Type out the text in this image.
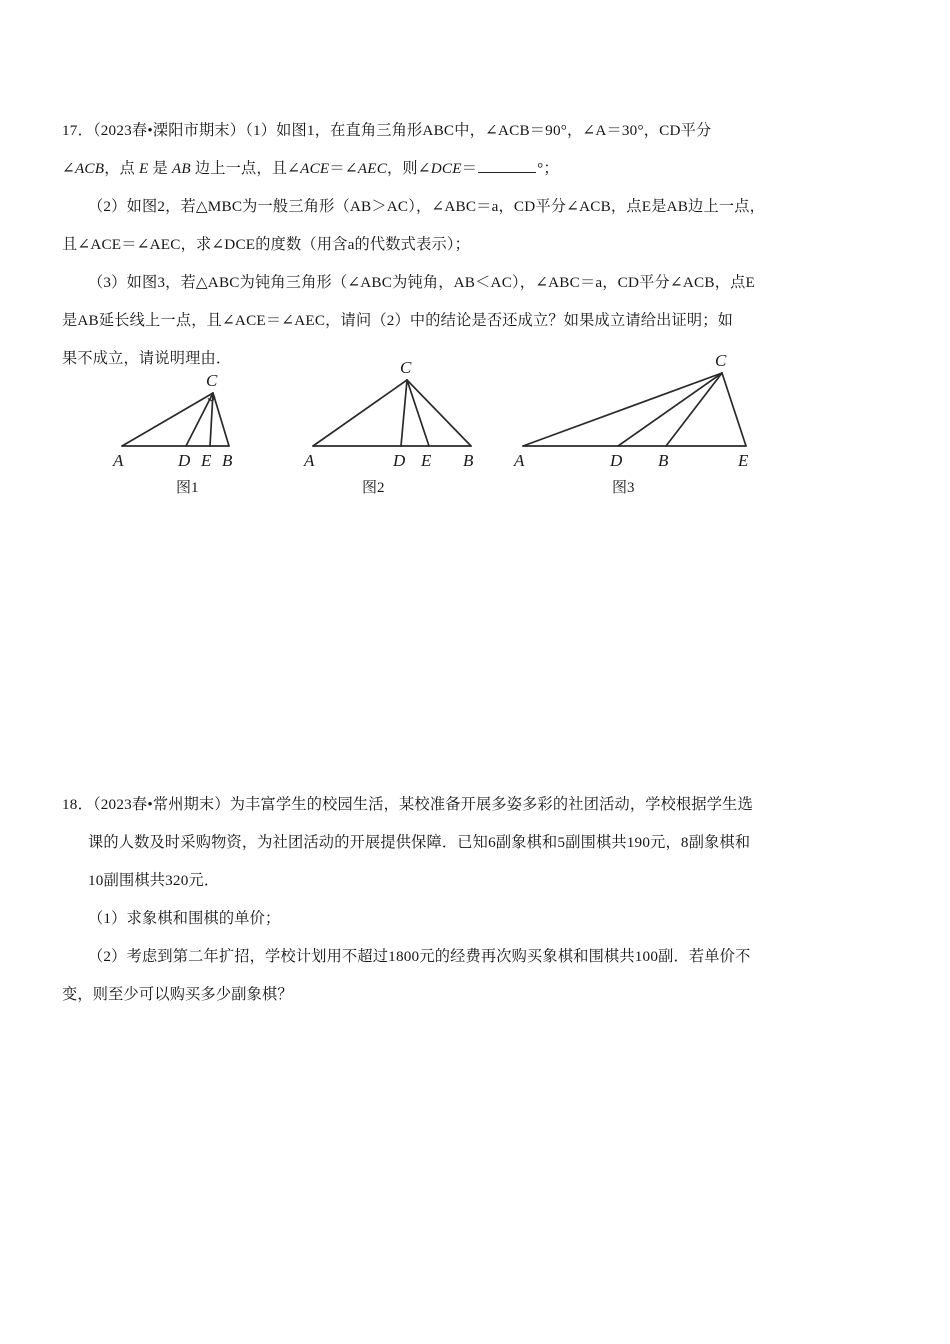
17．（2023春•溧阳市期末）（1）如图1，在直角三角形ABC中，∠ACB＝90°，∠A＝30°，CD平分
∠ACB，点 E 是 AB 边上一点，且∠ACE＝∠AEC，则∠DCE＝	°；
（2）如图2，若△MBC为一般三角形（AB＞AC），∠ABC＝a，CD平分∠ACB，点E是AB边上一点，
且∠ACE＝∠AEC，求∠DCE的度数（用含a的代数式表示）；
（3）如图3，若△ABC为钝角三角形（∠ABC为钝角，AB＜AC），∠ABC＝a，CD平分∠ACB，点E
是AB延长线上一点，且∠ACE＝∠AEC，请问（2）中的结论是否还成立？如果成立请给出证明；如
果不成立，请说明理由．
A	D E B
C
A	D E B
C
A	D B	E
C
图1	图2	图3
18．（2023春•常州期末）为丰富学生的校园生活，某校准备开展多姿多彩的社团活动，学校根据学生选
课的人数及时采购物资，为社团活动的开展提供保障．已知6副象棋和5副围棋共190元，8副象棋和
10副围棋共320元．
（1）求象棋和围棋的单价；
（2）考虑到第二年扩招，学校计划用不超过1800元的经费再次购买象棋和围棋共100副．若单价不
变，则至少可以购买多少副象棋？
